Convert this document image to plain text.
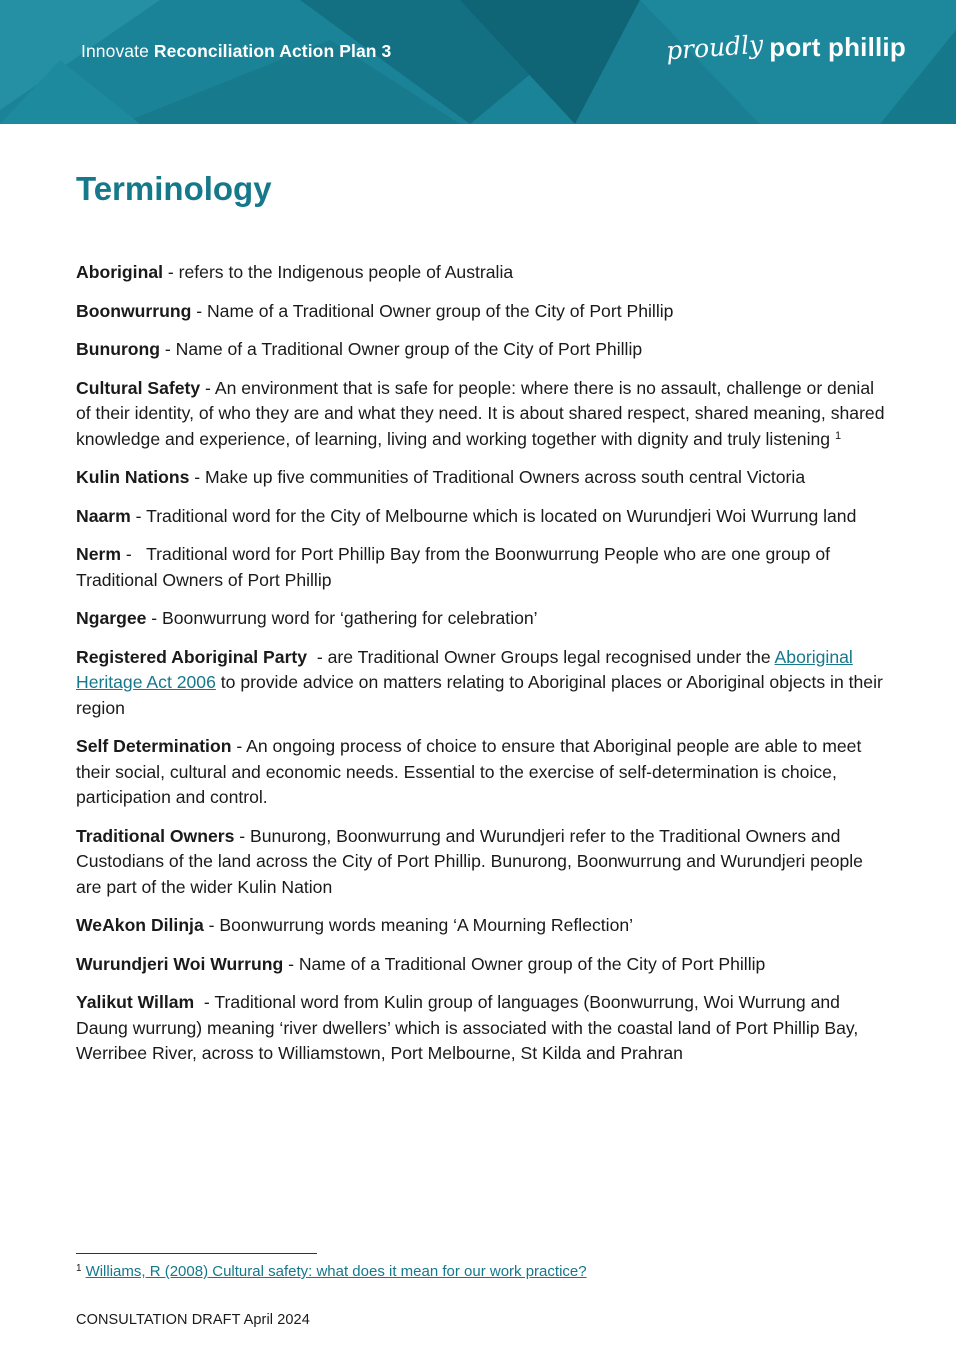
Innovate Reconciliation Action Plan 3	proudly port phillip
Terminology

Aboriginal - refers to the Indigenous people of Australia

Boonwurrung - Name of a Traditional Owner group of the City of Port Phillip

Bunurong - Name of a Traditional Owner group of the City of Port Phillip

Cultural Safety - An environment that is safe for people: where there is no assault, challenge or denial of their identity, of who they are and what they need. It is about shared respect, shared meaning, shared knowledge and experience, of learning, living and working together with dignity and truly listening $^1$

Kulin Nations - Make up five communities of Traditional Owners across south central Victoria

Naarm - Traditional word for the City of Melbourne which is located on Wurundjeri Woi Wurrung land

Nerm -   Traditional word for Port Phillip Bay from the Boonwurrung People who are one group of Traditional Owners of Port Phillip

Ngargee - Boonwurrung word for ‘gathering for celebration’

Registered Aboriginal Party  - are Traditional Owner Groups legal recognised under the Aboriginal Heritage Act 2006 to provide advice on matters relating to Aboriginal places or Aboriginal objects in their region

Self Determination - An ongoing process of choice to ensure that Aboriginal people are able to meet their social, cultural and economic needs. Essential to the exercise of self-determination is choice, participation and control.

Traditional Owners - Bunurong, Boonwurrung and Wurundjeri refer to the Traditional Owners and Custodians of the land across the City of Port Phillip. Bunurong, Boonwurrung and Wurundjeri people are part of the wider Kulin Nation

WeAkon Dilinja - Boonwurrung words meaning ‘A Mourning Reflection’

Wurundjeri Woi Wurrung - Name of a Traditional Owner group of the City of Port Phillip

Yalikut Willam  - Traditional word from Kulin group of languages (Boonwurrung, Woi Wurrung and Daung wurrung) meaning ‘river dwellers’ which is associated with the coastal land of Port Phillip Bay, Werribee River, across to Williamstown, Port Melbourne, St Kilda and Prahran

$^1$ Williams, R (2008) Cultural safety: what does it mean for our work practice?
CONSULTATION DRAFT April 2024
